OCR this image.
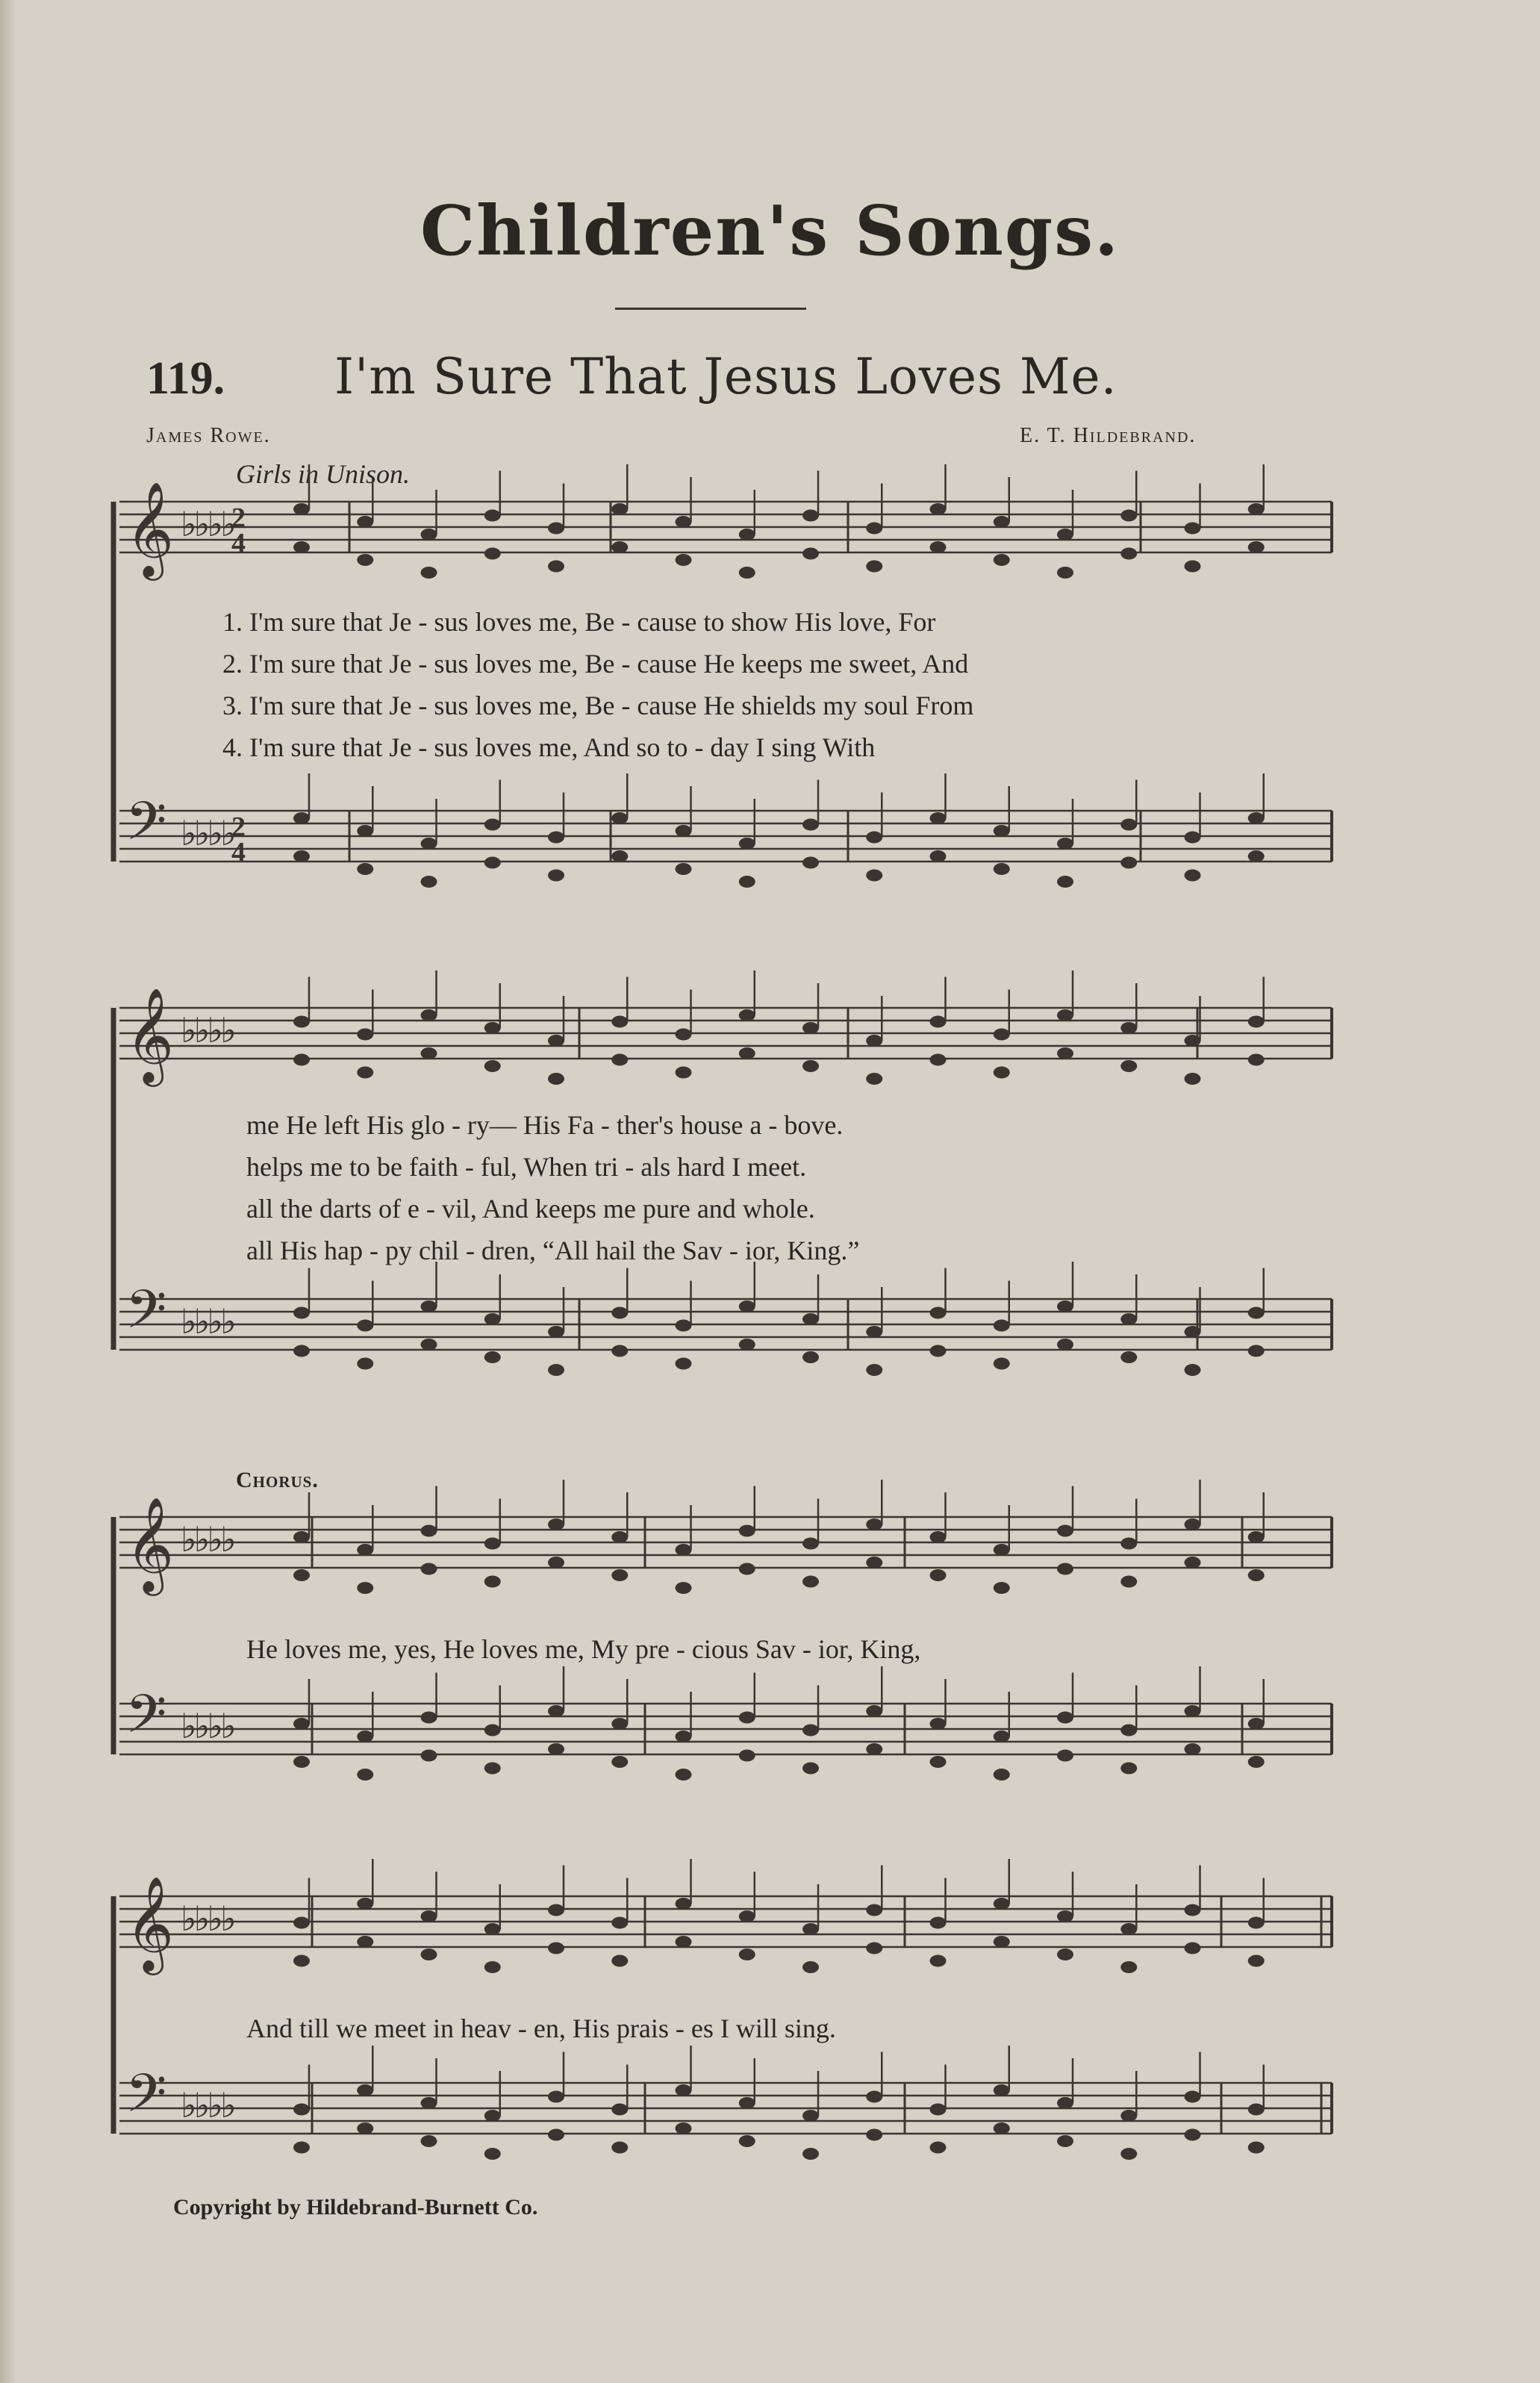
Children's Songs.
119. I'm Sure That Jesus Loves Me.
James Rowe.	E. T. Hildebrand.
Girls in Unison.
𝄞 ♭♭♭♭
2
4
𝄢 ♭♭♭♭
2
4
𝄞 ♭♭♭♭
𝄢 ♭♭♭♭
𝄞 ♭♭♭♭
𝄢 ♭♭♭♭
𝄞 ♭♭♭♭
𝄢 ♭♭♭♭
1. I'm sure that Je - sus loves me, Be - cause to show His love, For
2. I'm sure that Je - sus loves me, Be - cause He keeps me sweet, And
3. I'm sure that Je - sus loves me, Be - cause He shields my soul From
4. I'm sure that Je - sus loves me, And so to - day I sing With
me He left His glo - ry— His Fa - ther's house a - bove.
helps me to be faith - ful, When tri - als hard I meet.
all the darts of e - vil, And keeps me pure and whole.
all His hap - py chil - dren, “All hail the Sav - ior, King.”
Chorus.
He loves me, yes, He loves me, My pre - cious Sav - ior, King,
And till we meet in heav - en, His prais - es I will sing.
Copyright by Hildebrand-Burnett Co.
